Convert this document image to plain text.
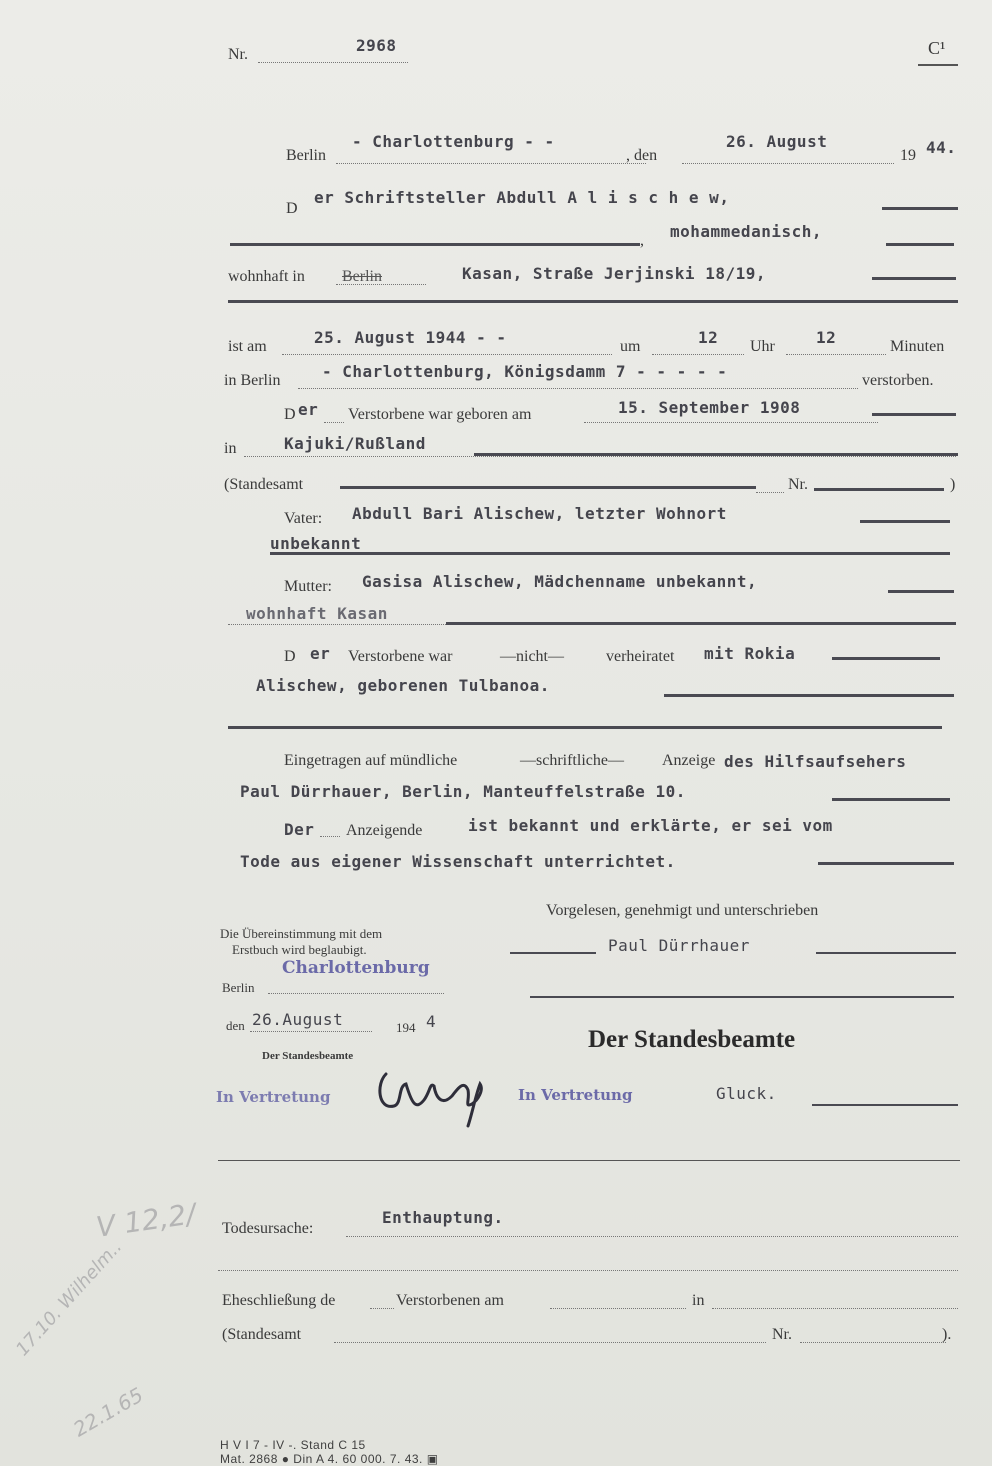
Nr.	2968	C¹
Berlin
- Charlottenburg - -
, den
26. August
19 44.
D
er Schriftsteller Abdull A l i s c h e w,
, mohammedanisch,
wohnhaft in Berlin	Kasan, Straße Jerjinski 18/19,
ist am	25. August 1944 - -	um	12 Uhr	12	Minuten
in Berlin	- Charlottenburg, Königsdamm 7 - - - - -	verstorben.
D er Verstorbene war geboren am	15. September 1908
in	Kajuki/Rußland
(Standesamt	Nr.	)
Vater: Abdull Bari Alischew, letzter Wohnort
unbekannt
Mutter: Gasisa Alischew, Mädchenname unbekannt,
wohnhaft Kasan
D er Verstorbene war	—nicht—	verheiratet mit Rokia
Alischew, geborenen Tulbanoa.
Eingetragen auf mündliche	—schriftliche— Anzeige des Hilfsaufsehers
Paul Dürrhauer, Berlin, Manteuffelstraße 10.
Der Anzeigende	ist bekannt und erklärte, er sei vom
Tode aus eigener Wissenschaft unterrichtet.
Vorgelesen, genehmigt und unterschrieben
Paul Dürrhauer
Der Standesbeamte
Gluck.
Die Übereinstimmung mit dem
Erstbuch wird beglaubigt.
Charlottenburg
Berlin
den 26.August	194 4
Der Standesbeamte
In Vertretung	In Vertretung
Todesursache:
Enthauptung.
Eheschließung de	Verstorbenen am	in
(Standesamt	Nr.	).
V 12,2/
17.10. Wilhelm..
22.1.65
H V I 7 - IV -. Stand C 15
Mat. 2868 ● Din A 4. 60 000. 7. 43. ▣
